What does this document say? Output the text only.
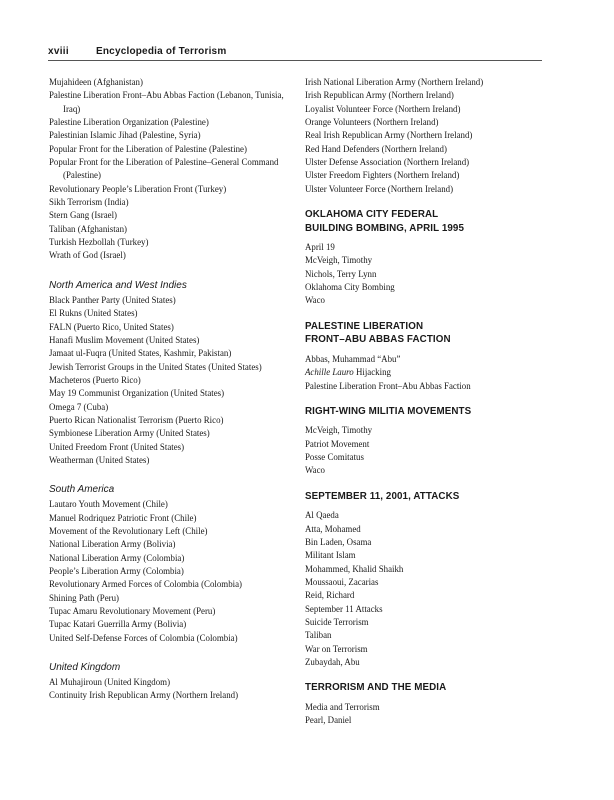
xviii	Encyclopedia of Terrorism
Mujahideen (Afghanistan)
Palestine Liberation Front–Abu Abbas Faction (Lebanon, Tunisia, Iraq)
Palestine Liberation Organization (Palestine)
Palestinian Islamic Jihad (Palestine, Syria)
Popular Front for the Liberation of Palestine (Palestine)
Popular Front for the Liberation of Palestine–General Command (Palestine)
Revolutionary People’s Liberation Front (Turkey)
Sikh Terrorism (India)
Stern Gang (Israel)
Taliban (Afghanistan)
Turkish Hezbollah (Turkey)
Wrath of God (Israel)
North America and West Indies
Black Panther Party (United States)
El Rukns (United States)
FALN (Puerto Rico, United States)
Hanafi Muslim Movement (United States)
Jamaat ul-Fuqra (United States, Kashmir, Pakistan)
Jewish Terrorist Groups in the United States (United States)
Macheteros (Puerto Rico)
May 19 Communist Organization (United States)
Omega 7 (Cuba)
Puerto Rican Nationalist Terrorism (Puerto Rico)
Symbionese Liberation Army (United States)
United Freedom Front (United States)
Weatherman (United States)
South America
Lautaro Youth Movement (Chile)
Manuel Rodriquez Patriotic Front (Chile)
Movement of the Revolutionary Left (Chile)
National Liberation Army (Bolivia)
National Liberation Army (Colombia)
People’s Liberation Army (Colombia)
Revolutionary Armed Forces of Colombia (Colombia)
Shining Path (Peru)
Tupac Amaru Revolutionary Movement (Peru)
Tupac Katari Guerrilla Army (Bolivia)
United Self-Defense Forces of Colombia (Colombia)
United Kingdom
Al Muhajiroun (United Kingdom)
Continuity Irish Republican Army (Northern Ireland)
Irish National Liberation Army (Northern Ireland)
Irish Republican Army (Northern Ireland)
Loyalist Volunteer Force (Northern Ireland)
Orange Volunteers (Northern Ireland)
Real Irish Republican Army (Northern Ireland)
Red Hand Defenders (Northern Ireland)
Ulster Defense Association (Northern Ireland)
Ulster Freedom Fighters (Northern Ireland)
Ulster Volunteer Force (Northern Ireland)
OKLAHOMA CITY FEDERAL
BUILDING BOMBING, APRIL 1995
April 19
McVeigh, Timothy
Nichols, Terry Lynn
Oklahoma City Bombing
Waco
PALESTINE LIBERATION
FRONT–ABU ABBAS FACTION
Abbas, Muhammad “Abu”
Achille Lauro Hijacking
Palestine Liberation Front–Abu Abbas Faction
RIGHT-WING MILITIA MOVEMENTS
McVeigh, Timothy
Patriot Movement
Posse Comitatus
Waco
SEPTEMBER 11, 2001, ATTACKS
Al Qaeda
Atta, Mohamed
Bin Laden, Osama
Militant Islam
Mohammed, Khalid Shaikh
Moussaoui, Zacarias
Reid, Richard
September 11 Attacks
Suicide Terrorism
Taliban
War on Terrorism
Zubaydah, Abu
TERRORISM AND THE MEDIA
Media and Terrorism
Pearl, Daniel
